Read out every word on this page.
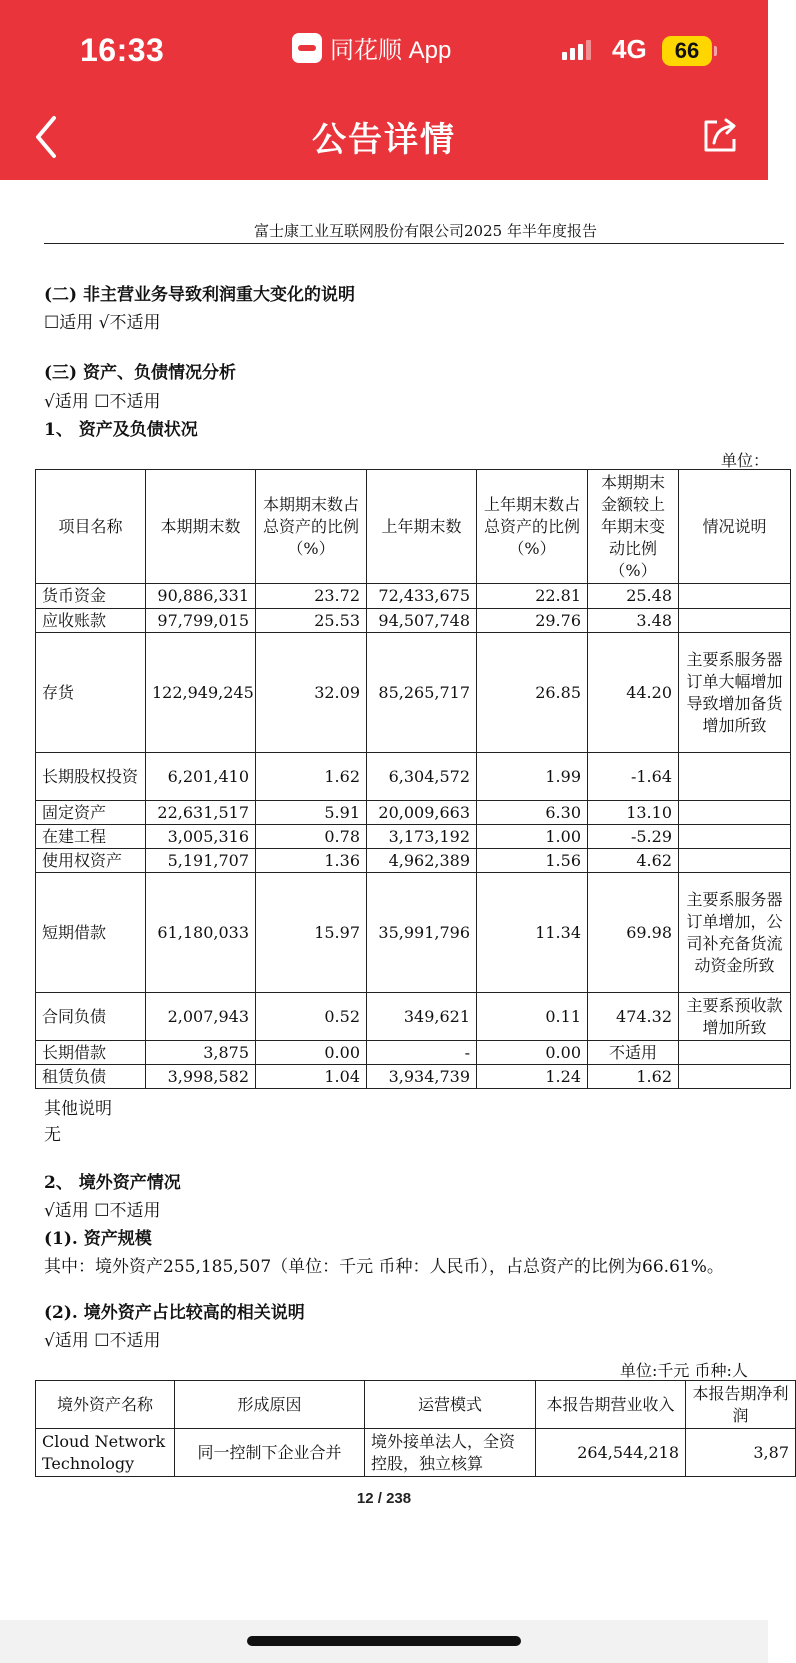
16:33	同花顺 App	4G	66
公告详情
富士康工业互联网股份有限公司2025 年半年度报告
(二) 非主营业务导致利润重大变化的说明
☐适用 √不适用
(三) 资产、负债情况分析
√适用 ☐不适用
1、 资产及负债状况
单位：
项目名称	本期期末数	本期期末数占总资产的比例（%）	上年期末数	上年期末数占总资产的比例（%）	本期期末金额较上年期末变动比例（%）	情况说明
货币资金	90,886,331	23.72	72,433,675	22.81	25.48	
应收账款	97,799,015	25.53	94,507,748	29.76	3.48	
存货	122,949,245	32.09	85,265,717	26.85	44.20	主要系服务器订单大幅增加导致增加备货增加所致
长期股权投资	6,201,410	1.62	6,304,572	1.99	-1.64	
固定资产	22,631,517	5.91	20,009,663	6.30	13.10	
在建工程	3,005,316	0.78	3,173,192	1.00	-5.29	
使用权资产	5,191,707	1.36	4,962,389	1.56	4.62	
短期借款	61,180,033	15.97	35,991,796	11.34	69.98	主要系服务器订单增加，公司补充备货流动资金所致
合同负债	2,007,943	0.52	349,621	0.11	474.32	主要系预收款增加所致
长期借款	3,875	0.00	-	0.00	不适用	
租赁负债	3,998,582	1.04	3,934,739	1.24	1.62	
其他说明
无
2、 境外资产情况
√适用 ☐不适用
(1). 资产规模
其中：境外资产255,185,507（单位：千元 币种：人民币），占总资产的比例为66.61%。
(2). 境外资产占比较高的相关说明
√适用 ☐不适用
单位:千元 币种:人
境外资产名称	形成原因	运营模式	本报告期营业收入	本报告期净利润
Cloud Network Technology	同一控制下企业合并	境外接单法人，全资控股，独立核算	264,544,218	3,87
12 / 238
